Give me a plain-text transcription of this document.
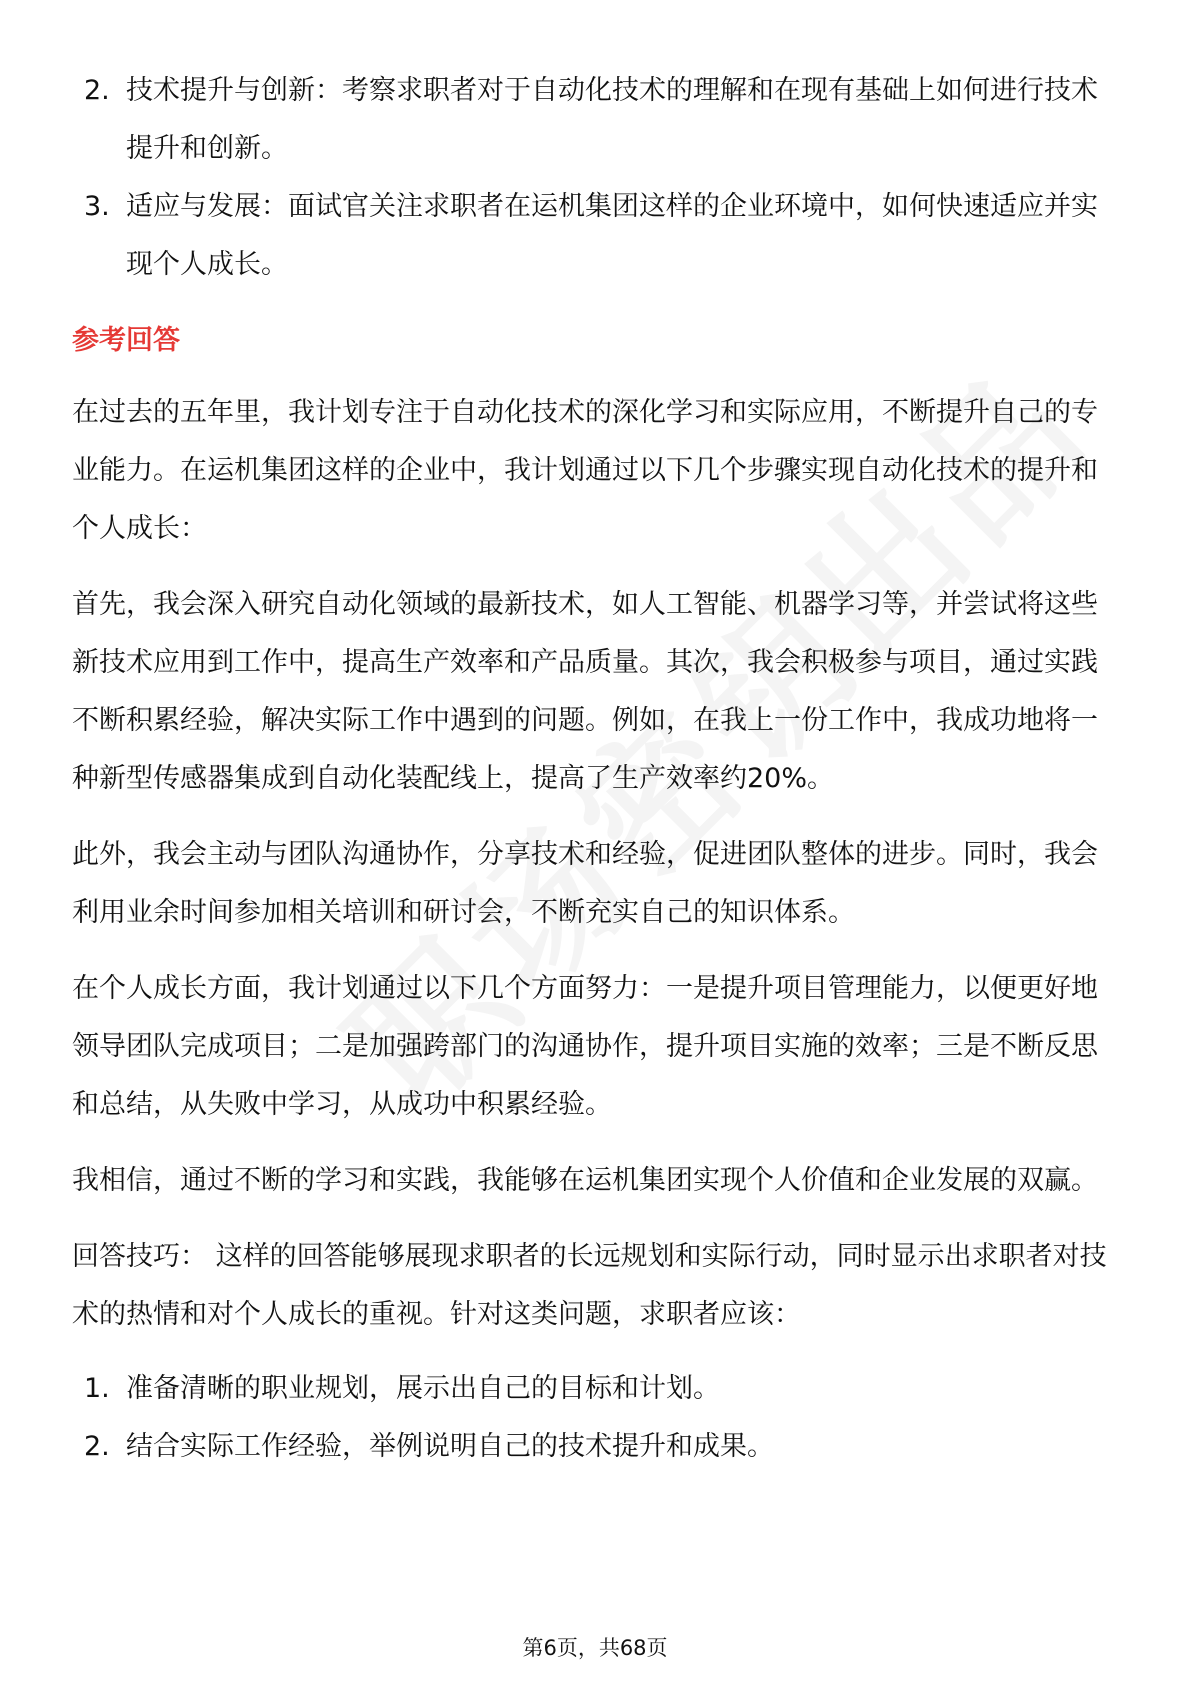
2. 技术提升与创新：考察求职者对于自动化技术的理解和在现有基础上如何进行技术提升和创新。
3. 适应与发展：面试官关注求职者在运机集团这样的企业环境中，如何快速适应并实现个人成长。
参考回答
在过去的五年里，我计划专注于自动化技术的深化学习和实际应用，不断提升自己的专业能力。在运机集团这样的企业中，我计划通过以下几个步骤实现自动化技术的提升和个人成长：
首先，我会深入研究自动化领域的最新技术，如人工智能、机器学习等，并尝试将这些新技术应用到工作中，提高生产效率和产品质量。其次，我会积极参与项目，通过实践不断积累经验，解决实际工作中遇到的问题。例如，在我上一份工作中，我成功地将一种新型传感器集成到自动化装配线上，提高了生产效率约20%。
此外，我会主动与团队沟通协作，分享技术和经验，促进团队整体的进步。同时，我会利用业余时间参加相关培训和研讨会，不断充实自己的知识体系。
在个人成长方面，我计划通过以下几个方面努力：一是提升项目管理能力，以便更好地领导团队完成项目；二是加强跨部门的沟通协作，提升项目实施的效率；三是不断反思和总结，从失败中学习，从成功中积累经验。
我相信，通过不断的学习和实践，我能够在运机集团实现个人价值和企业发展的双赢。
回答技巧： 这样的回答能够展现求职者的长远规划和实际行动，同时显示出求职者对技术的热情和对个人成长的重视。针对这类问题，求职者应该：
1. 准备清晰的职业规划，展示出自己的目标和计划。
2. 结合实际工作经验，举例说明自己的技术提升和成果。
第6页，共68页
